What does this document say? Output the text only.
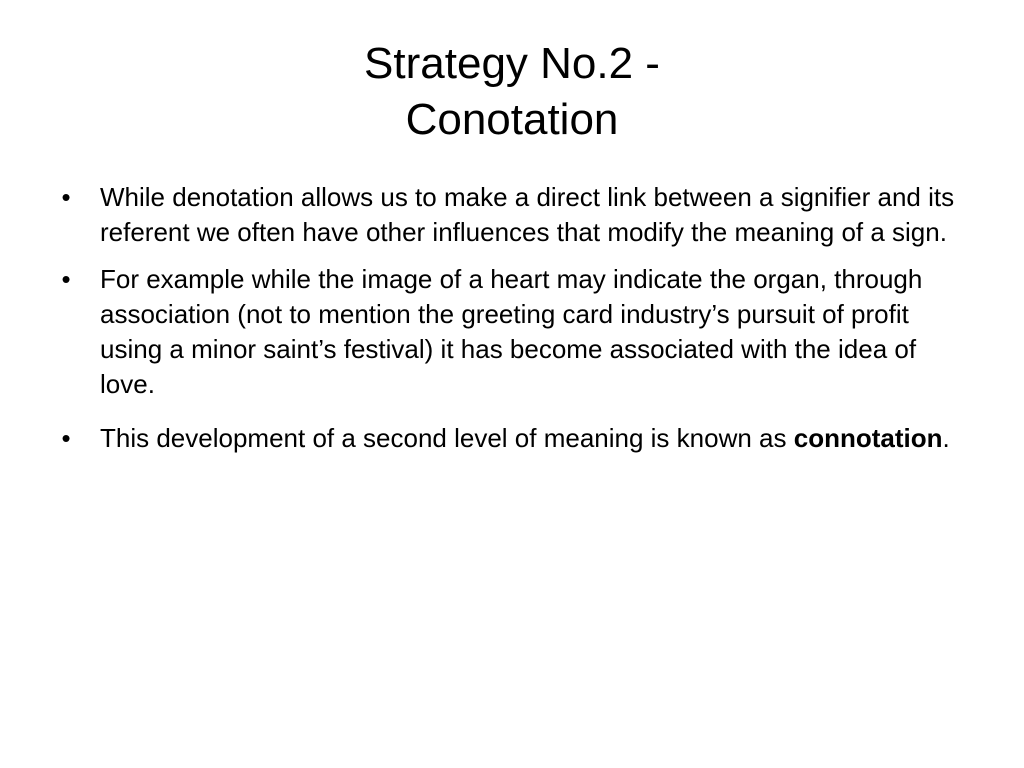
Strategy No.2 -
Conotation
• While denotation allows us to make a direct link between a signifier and its referent we often have other influences that modify the meaning of a sign.
• For example while the image of a heart may indicate the organ, through association (not to mention the greeting card industry’s pursuit of profit using a minor saint’s festival) it has become associated with the idea of love.
• This development of a second level of meaning is known as connotation.
